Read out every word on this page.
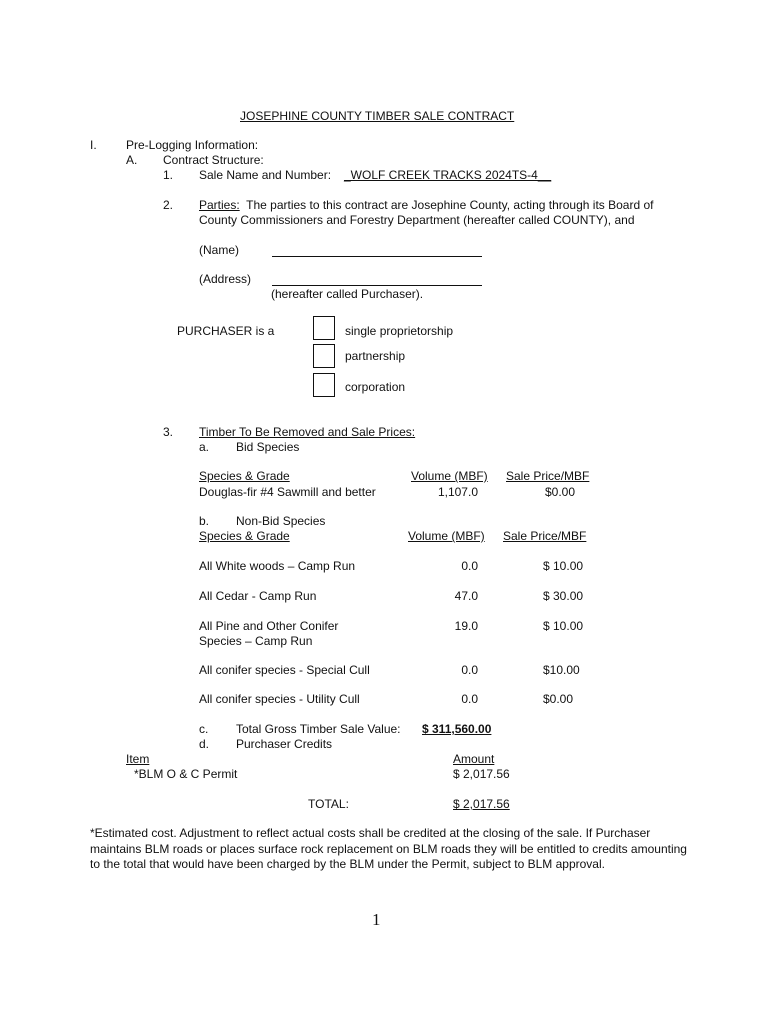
JOSEPHINE COUNTY TIMBER SALE CONTRACT
I. Pre-Logging Information:
A. Contract Structure:
1. Sale Name and Number: _WOLF CREEK TRACKS 2024TS-4__
2. Parties: The parties to this contract are Josephine County, acting through its Board of
County Commissioners and Forestry Department (hereafter called COUNTY), and
(Name)
(Address)
(hereafter called Purchaser).
PURCHASER is a	single proprietorship
partnership
corporation
3. Timber To Be Removed and Sale Prices:
a. Bid Species
Species & Grade	Volume (MBF) Sale Price/MBF
Douglas-fir #4 Sawmill and better	1,107.0	$0.00
b. Non-Bid Species
Species & Grade	Volume (MBF) Sale Price/MBF
All White woods – Camp Run	0.0	$ 10.00
All Cedar - Camp Run	47.0	$ 30.00
All Pine and Other Conifer
Species – Camp Run
19.0	$ 10.00
All conifer species - Special Cull	0.0	$10.00
All conifer species - Utility Cull	0.0	$0.00
c. Total Gross Timber Sale Value: $ 311,560.00
d. Purchaser Credits
Item	Amount
*BLM O & C Permit	$ 2,017.56
TOTAL:	$ 2,017.56
*Estimated cost. Adjustment to reflect actual costs shall be credited at the closing of the sale. If Purchaser maintains BLM roads or places surface rock replacement on BLM roads they will be entitled to credits amounting to the total that would have been charged by the BLM under the Permit, subject to BLM approval.
1
